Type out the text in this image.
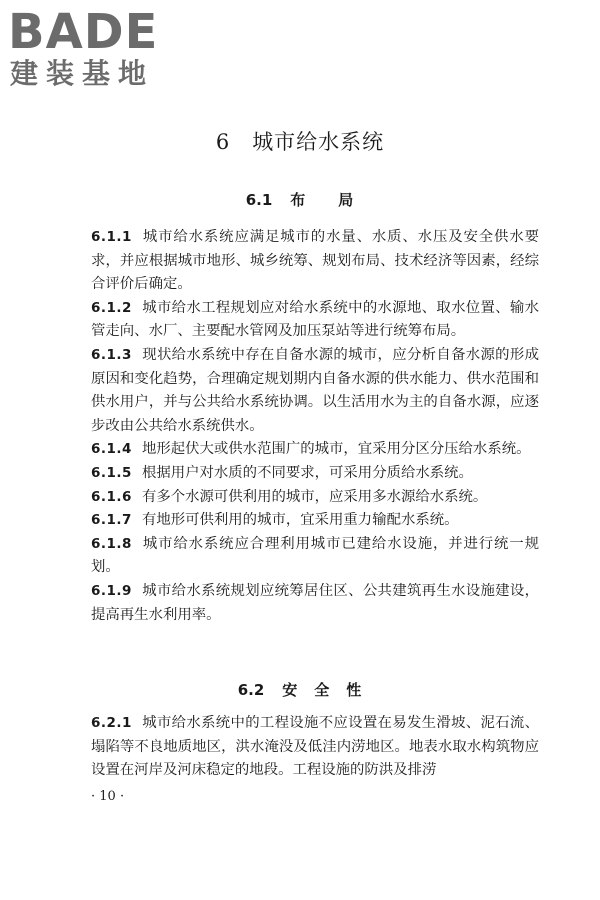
BADE
建装基地
6 城市给水系统
6.1 布　　局

6.1.1 城市给水系统应满足城市的水量、水质、水压及安全供水要求，并应根据城市地形、城乡统筹、规划布局、技术经济等因素，经综合评价后确定。

6.1.2 城市给水工程规划应对给水系统中的水源地、取水位置、输水管走向、水厂、主要配水管网及加压泵站等进行统筹布局。

6.1.3 现状给水系统中存在自备水源的城市，应分析自备水源的形成原因和变化趋势，合理确定规划期内自备水源的供水能力、供水范围和供水用户，并与公共给水系统协调。以生活用水为主的自备水源，应逐步改由公共给水系统供水。

6.1.4 地形起伏大或供水范围广的城市，宜采用分区分压给水系统。

6.1.5 根据用户对水质的不同要求，可采用分质给水系统。

6.1.6 有多个水源可供利用的城市，应采用多水源给水系统。

6.1.7 有地形可供利用的城市，宜采用重力输配水系统。

6.1.8 城市给水系统应合理利用城市已建给水设施，并进行统一规划。

6.1.9 城市给水系统规划应统筹居住区、公共建筑再生水设施建设，提高再生水利用率。

6.2 安　全　性

6.2.1 城市给水系统中的工程设施不应设置在易发生滑坡、泥石流、塌陷等不良地质地区，洪水淹没及低洼内涝地区。地表水取水构筑物应设置在河岸及河床稳定的地段。工程设施的防洪及排涝

· 10 ·
